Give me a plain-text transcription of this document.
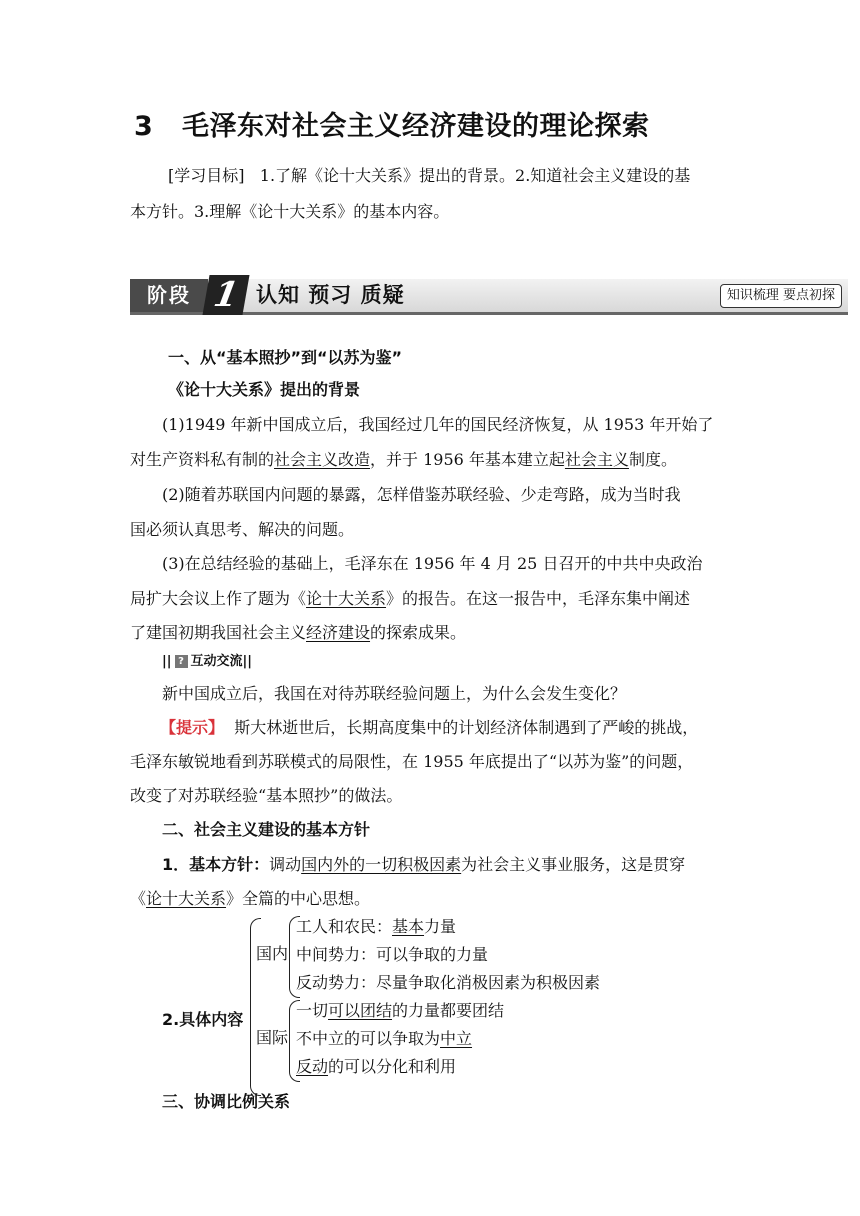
3 毛泽东对社会主义经济建设的理论探索
[学习目标] 1.了解《论十大关系》提出的背景。2.知道社会主义建设的基
本方针。3.理解《论十大关系》的基本内容。
阶段 1 认知 预习 质疑	知识梳理 要点初探
一、从“基本照抄”到“以苏为鉴”
《论十大关系》提出的背景
(1)1949 年新中国成立后，我国经过几年的国民经济恢复，从 1953 年开始了
对生产资料私有制的社会主义改造，并于 1956 年基本建立起社会主义制度。
(2)随着苏联国内问题的暴露，怎样借鉴苏联经验、少走弯路，成为当时我
国必须认真思考、解决的问题。
(3)在总结经验的基础上，毛泽东在 1956 年 4 月 25 日召开的中共中央政治
局扩大会议上作了题为《论十大关系》的报告。在这一报告中，毛泽东集中阐述
了建国初期我国社会主义经济建设的探索成果。
|| ? 互动交流||
新中国成立后，我国在对待苏联经验问题上，为什么会发生变化？
【提示】 斯大林逝世后，长期高度集中的计划经济体制遇到了严峻的挑战，
毛泽东敏锐地看到苏联模式的局限性，在 1955 年底提出了“以苏为鉴”的问题，
改变了对苏联经验“基本照抄”的做法。
二、社会主义建设的基本方针
1．基本方针：调动国内外的一切积极因素为社会主义事业服务，这是贯穿
《论十大关系》全篇的中心思想。
2.具体内容
国内
国际
工人和农民：基本力量
中间势力：可以争取的力量
反动势力：尽量争取化消极因素为积极因素
一切可以团结的力量都要团结
不中立的可以争取为中立
反动的可以分化和利用
三、协调比例关系
